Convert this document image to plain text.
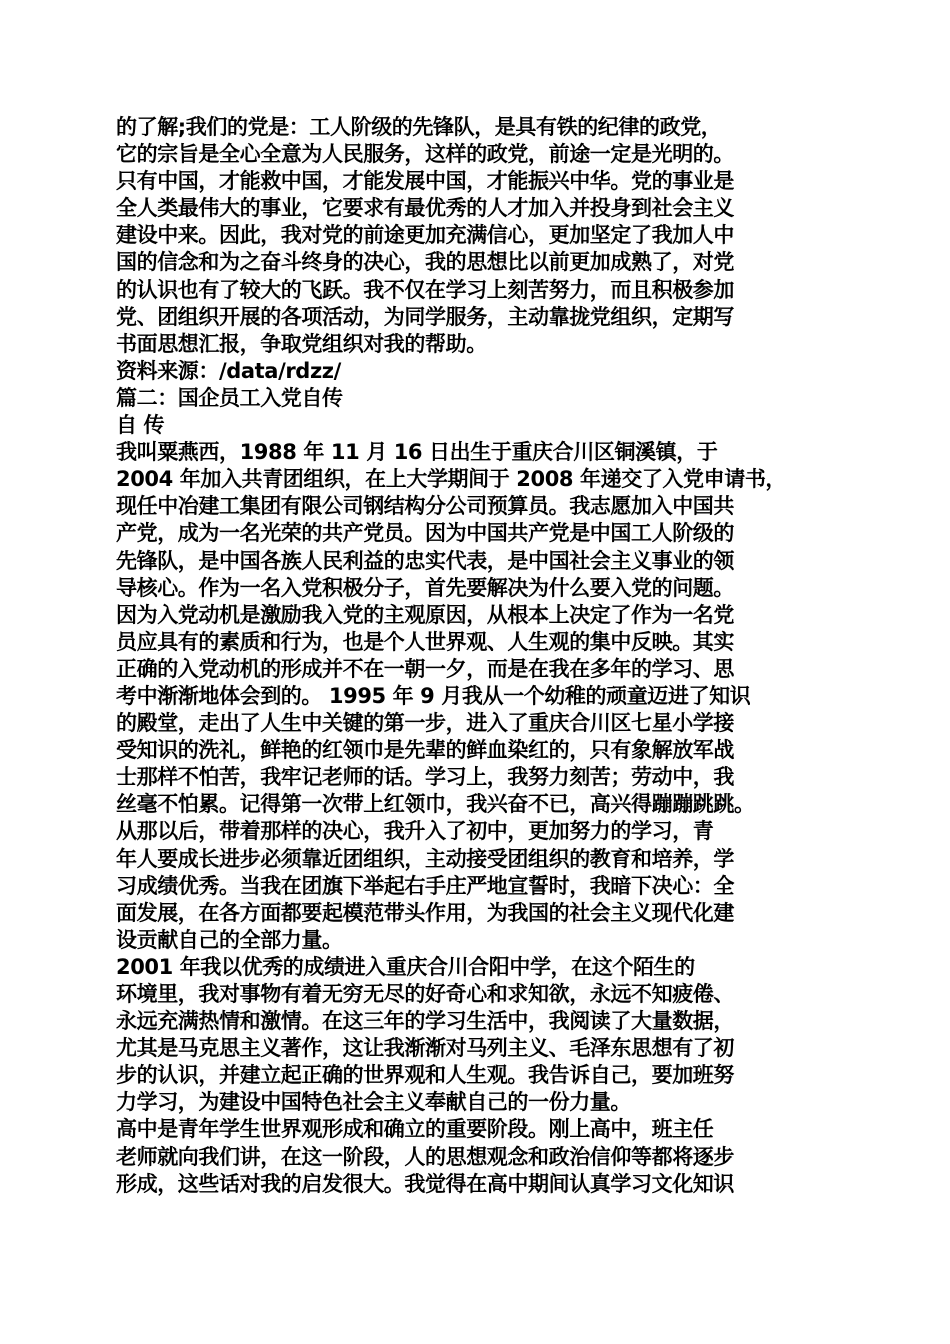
的了解;我们的党是：工人阶级的先锋队，是具有铁的纪律的政党，
它的宗旨是全心全意为人民服务，这样的政党，前途一定是光明的。
只有中国，才能救中国，才能发展中国，才能振兴中华。党的事业是
全人类最伟大的事业，它要求有最优秀的人才加入并投身到社会主义
建设中来。因此，我对党的前途更加充满信心，更加坚定了我加人中
国的信念和为之奋斗终身的决心，我的思想比以前更加成熟了，对党
的认识也有了较大的飞跃。我不仅在学习上刻苦努力，而且积极参加
党、团组织开展的各项活动，为同学服务，主动靠拢党组织，定期写
书面思想汇报，争取党组织对我的帮助。
资料来源：/data/rdzz/
篇二：国企员工入党自传
自 传
我叫粟燕西，1988 年 11 月 16 日出生于重庆合川区铜溪镇，于
2004 年加入共青团组织，在上大学期间于 2008 年递交了入党申请书，
现任中冶建工集团有限公司钢结构分公司预算员。我志愿加入中国共
产党，成为一名光荣的共产党员。因为中国共产党是中国工人阶级的
先锋队，是中国各族人民利益的忠实代表，是中国社会主义事业的领
导核心。作为一名入党积极分子，首先要解决为什么要入党的问题。
因为入党动机是激励我入党的主观原因，从根本上决定了作为一名党
员应具有的素质和行为，也是个人世界观、人生观的集中反映。其实
正确的入党动机的形成并不在一朝一夕，而是在我在多年的学习、思
考中渐渐地体会到的。 1995 年 9 月我从一个幼稚的顽童迈进了知识
的殿堂，走出了人生中关键的第一步，进入了重庆合川区七星小学接
受知识的洗礼，鲜艳的红领巾是先辈的鲜血染红的，只有象解放军战
士那样不怕苦，我牢记老师的话。学习上，我努力刻苦；劳动中，我
丝毫不怕累。记得第一次带上红领巾，我兴奋不已，高兴得蹦蹦跳跳。
从那以后，带着那样的决心，我升入了初中，更加努力的学习，青
年人要成长进步必须靠近团组织，主动接受团组织的教育和培养，学
习成绩优秀。当我在团旗下举起右手庄严地宣誓时，我暗下决心：全
面发展，在各方面都要起模范带头作用，为我国的社会主义现代化建
设贡献自己的全部力量。
2001 年我以优秀的成绩进入重庆合川合阳中学，在这个陌生的
环境里，我对事物有着无穷无尽的好奇心和求知欲，永远不知疲倦、
永远充满热情和激情。在这三年的学习生活中，我阅读了大量数据，
尤其是马克思主义著作，这让我渐渐对马列主义、毛泽东思想有了初
步的认识，并建立起正确的世界观和人生观。我告诉自己，要加班努
力学习，为建设中国特色社会主义奉献自己的一份力量。
高中是青年学生世界观形成和确立的重要阶段。刚上高中，班主任
老师就向我们讲，在这一阶段，人的思想观念和政治信仰等都将逐步
形成，这些话对我的启发很大。我觉得在高中期间认真学习文化知识
